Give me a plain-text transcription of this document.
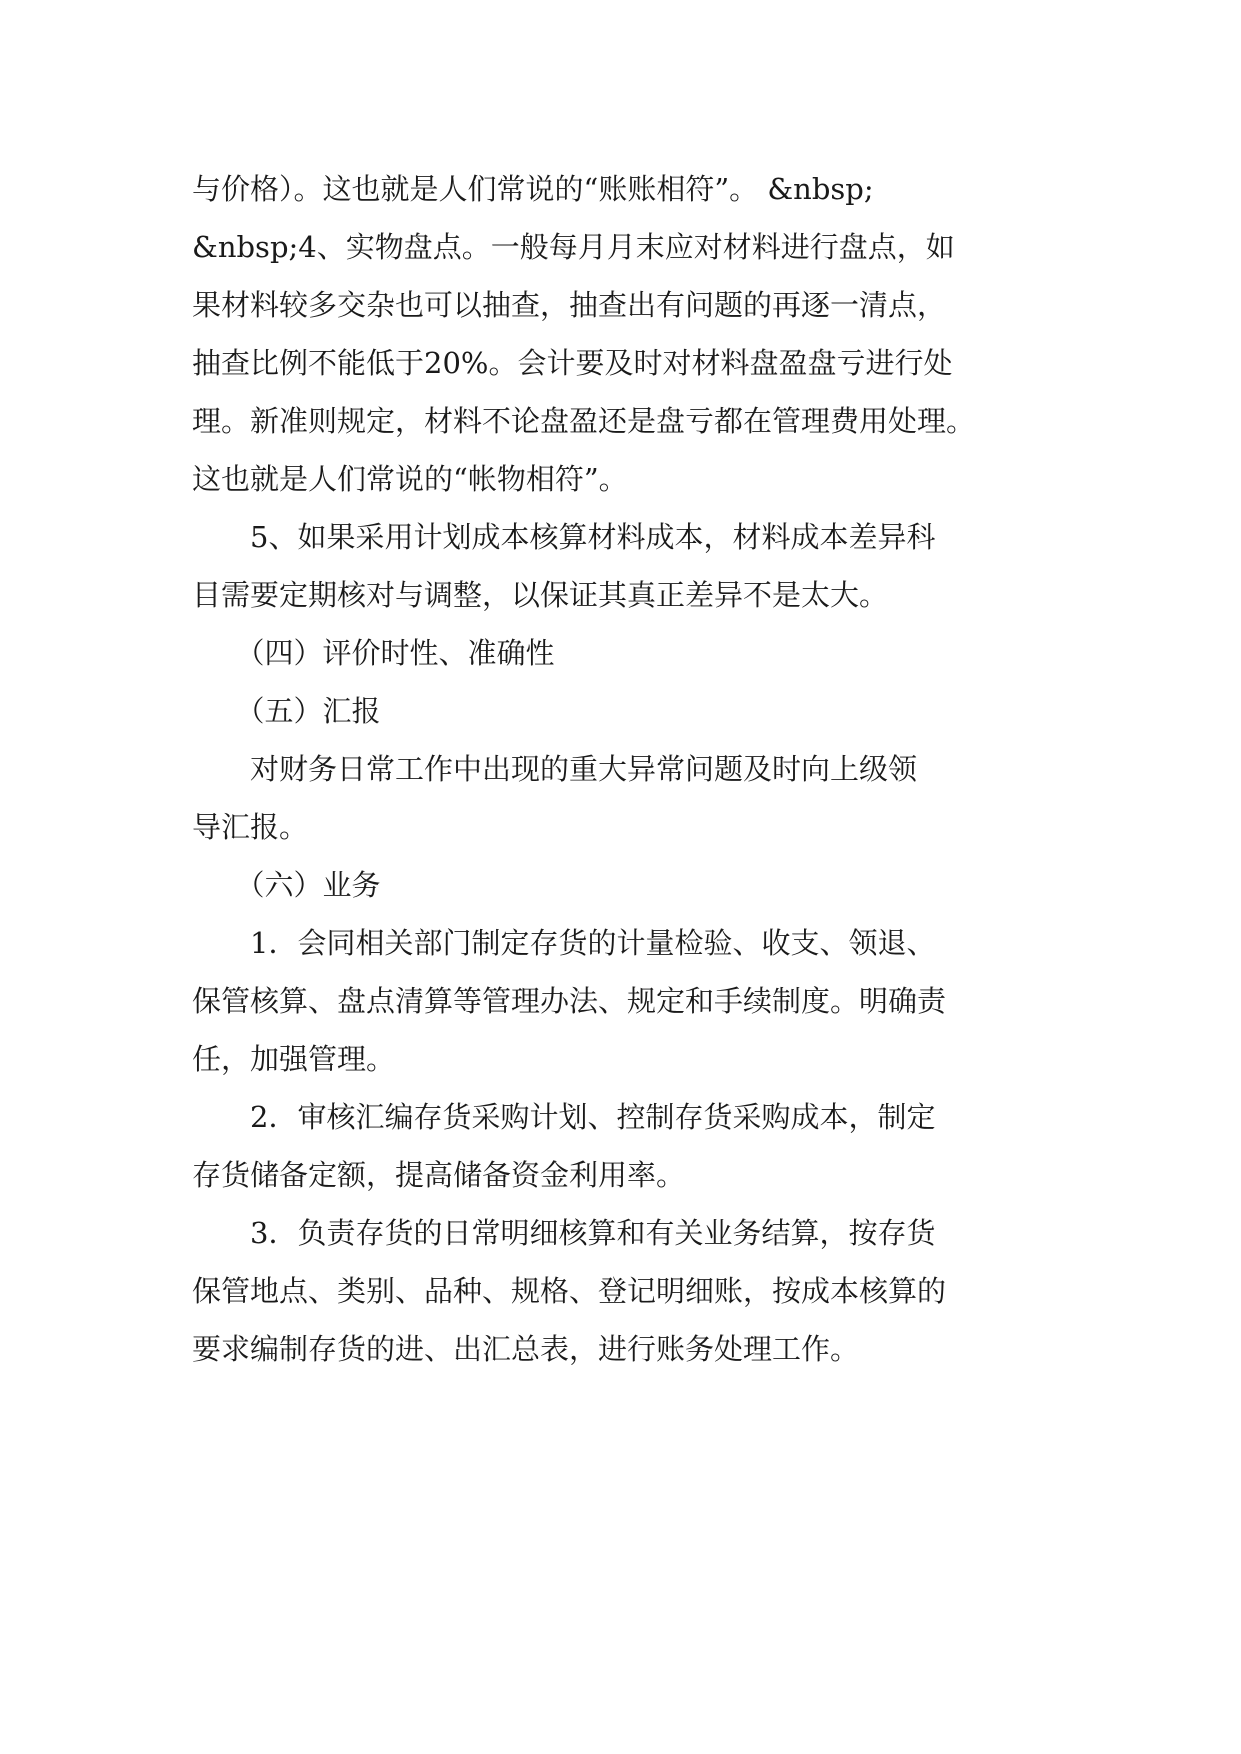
与价格）。这也就是人们常说的“账账相符”。 &nbsp;
&nbsp;4、实物盘点。一般每月月末应对材料进行盘点，如
果材料较多交杂也可以抽查，抽查出有问题的再逐一清点，
抽查比例不能低于20%。会计要及时对材料盘盈盘亏进行处
理。新准则规定，材料不论盘盈还是盘亏都在管理费用处理。
这也就是人们常说的“帐物相符”。
　　5、如果采用计划成本核算材料成本，材料成本差异科
目需要定期核对与调整，以保证其真正差异不是太大。
　　（四）评价时性、准确性
　　（五）汇报
　　对财务日常工作中出现的重大异常问题及时向上级领
导汇报。
　　（六）业务
　　1．会同相关部门制定存货的计量检验、收支、领退、
保管核算、盘点清算等管理办法、规定和手续制度。明确责
任，加强管理。
　　2．审核汇编存货采购计划、控制存货采购成本，制定
存货储备定额，提高储备资金利用率。
　　3．负责存货的日常明细核算和有关业务结算，按存货
保管地点、类别、品种、规格、登记明细账，按成本核算的
要求编制存货的进、出汇总表，进行账务处理工作。
